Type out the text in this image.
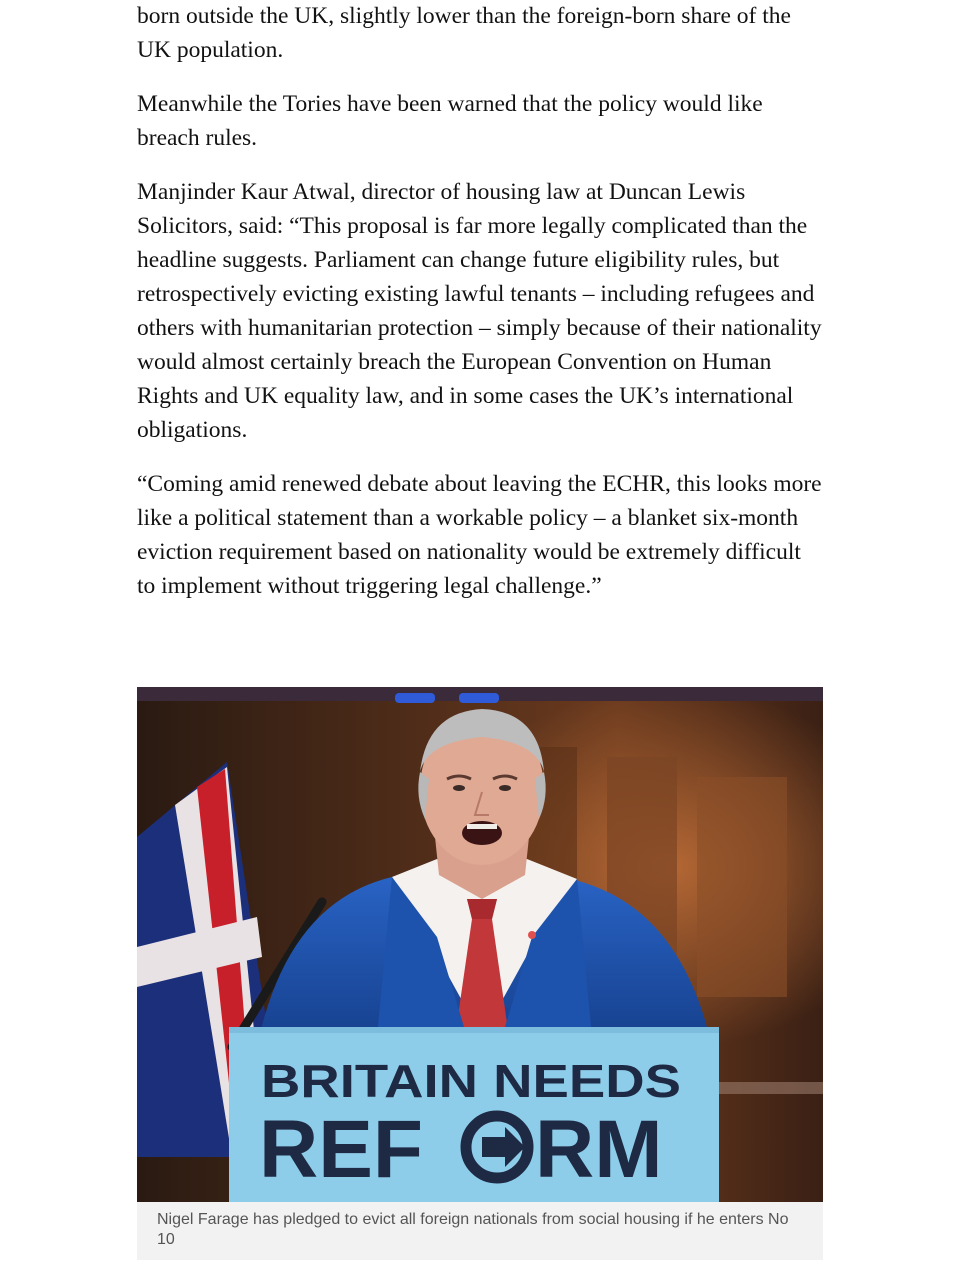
born outside the UK, slightly lower than the foreign-born share of the UK population.

Meanwhile the Tories have been warned that the policy would like breach rules.

Manjinder Kaur Atwal, director of housing law at Duncan Lewis Solicitors, said: “This proposal is far more legally complicated than the headline suggests. Parliament can change future eligibility rules, but retrospectively evicting existing lawful tenants – including refugees and others with humanitarian protection – simply because of their nationality would almost certainly breach the European Convention on Human Rights and UK equality law, and in some cases the UK’s international obligations.

“Coming amid renewed debate about leaving the ECHR, this looks more like a political statement than a workable policy – a blanket six-month eviction requirement based on nationality would be extremely difficult to implement without triggering legal challenge.”

BRITAIN NEEDS
REF RM

Nigel Farage has pledged to evict all foreign nationals from social housing if he enters No 10
